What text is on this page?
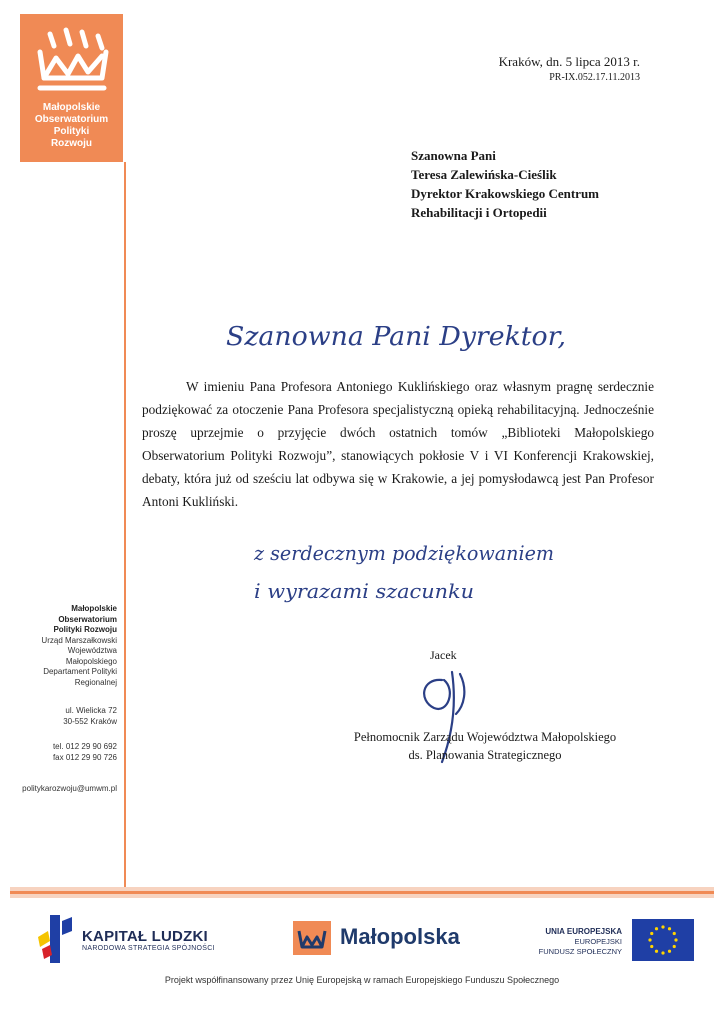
Małopolskie
Obserwatorium
Polityki
Rozwoju
Kraków, dn. 5 lipca 2013 r.
PR-IX.052.17.11.2013
Szanowna Pani
Teresa Zalewińska-Cieślik
Dyrektor Krakowskiego Centrum
Rehabilitacji i Ortopedii
Szanowna Pani Dyrektor,

W imieniu Pana Profesora Antoniego Kuklińskiego oraz własnym pragnę serdecznie podziękować za otoczenie Pana Profesora specjalistyczną opieką rehabilitacyjną. Jednocześnie proszę uprzejmie o przyjęcie dwóch ostatnich tomów „Biblioteki Małopolskiego Obserwatorium Polityki Rozwoju”, stanowiących pokłosie V i VI Konferencji Krakowskiej, debaty, która już od sześciu lat odbywa się w Krakowie, a jej pomysłodawcą jest Pan Profesor Antoni Kukliński.

z serdecznym podziękowaniem
i wyrazami szacunku
Jacek
Pełnomocnik Zarządu Województwa Małopolskiego
ds. Planowania Strategicznego
Małopolskie
Obserwatorium
Polityki Rozwoju
Urząd Marszałkowski
Województwa
Małopolskiego
Departament Polityki
Regionalnej
ul. Wielicka 72
30-552 Kraków
tel. 012 29 90 692
fax 012 29 90 726
politykarozwoju@umwm.pl
KAPITAŁ LUDZKI
NARODOWA STRATEGIA SPÓJNOŚCI	Małopolska	UNIA EUROPEJSKA
EUROPEJSKI
FUNDUSZ SPOŁECZNY
Projekt współfinansowany przez Unię Europejską w ramach Europejskiego Funduszu Społecznego
